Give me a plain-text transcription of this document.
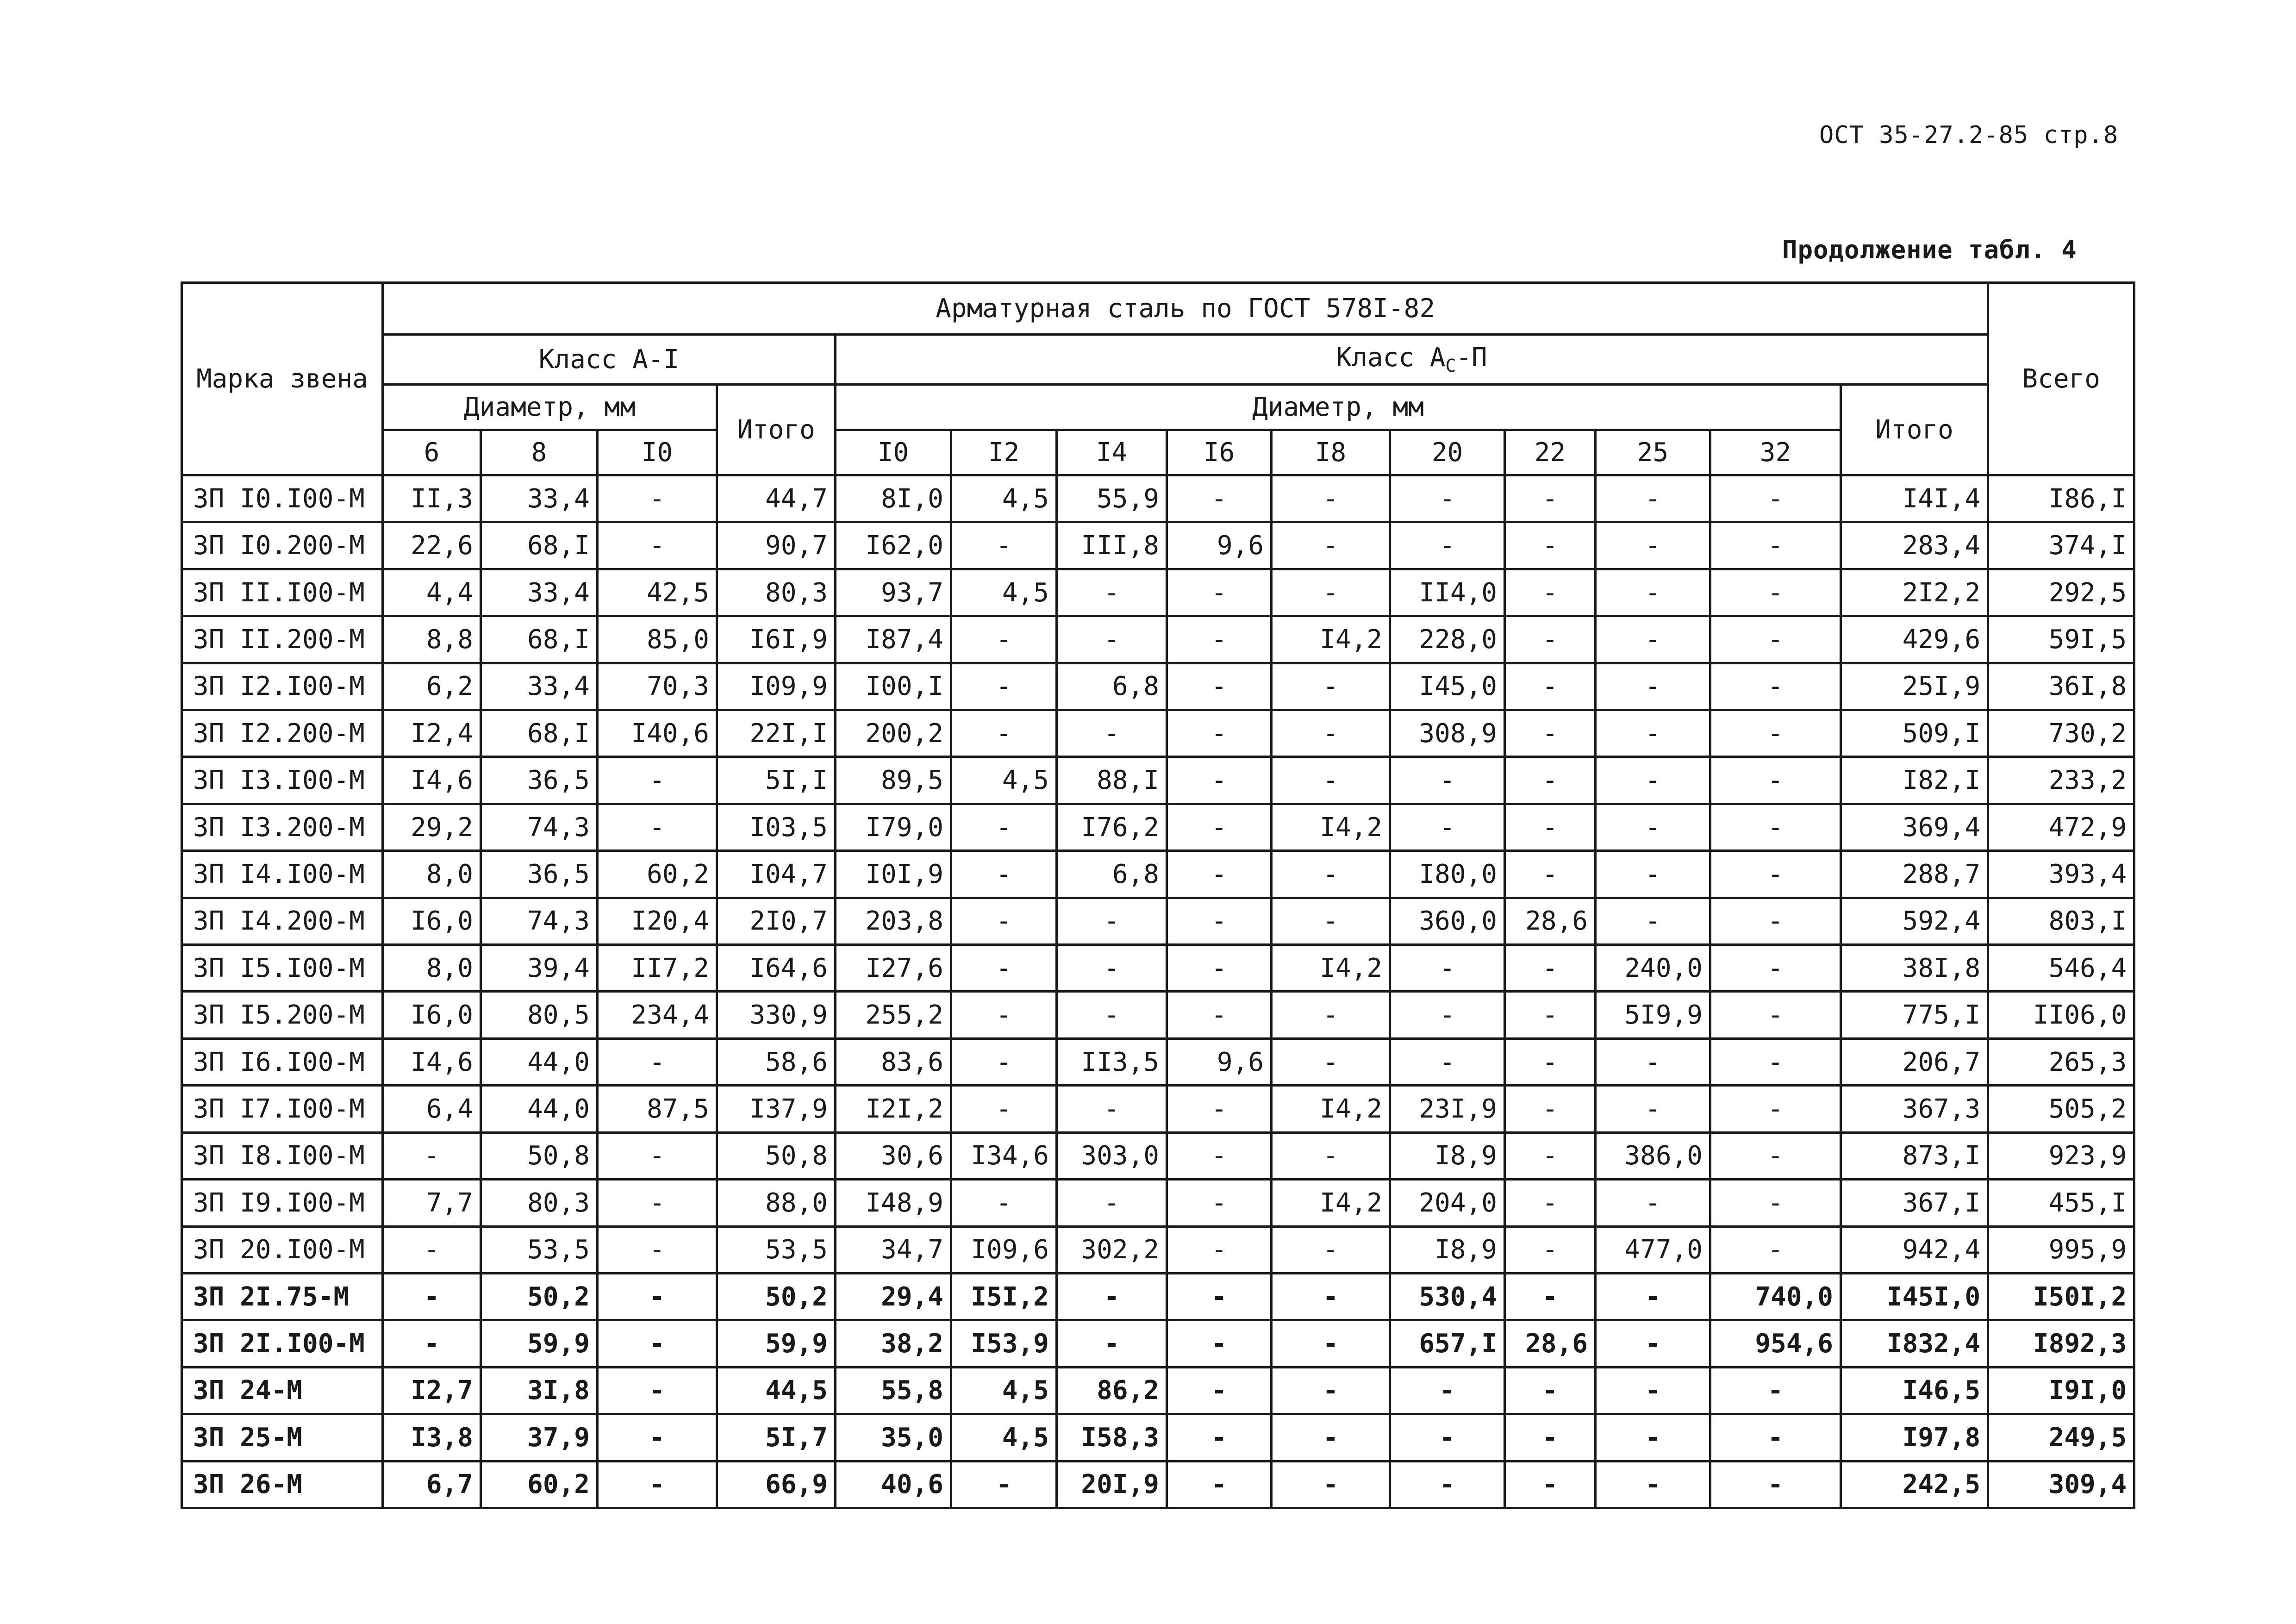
ОСТ 35-27.2-85 стр.8
Продолжение табл. 4
Марка звена	Арматурная сталь по ГОСТ 578I-82														Всего
	Класс А-I				Класс $А_С-П$										
	Диаметр, мм			Итого	Диаметр, мм									Итого	
	6	8	I0		I0	I2	I4	I6	I8	20	22	25	32		
ЗП I0.I00-М	II,3	33,4	-	44,7	8I,0	4,5	55,9	-	-	-	-	-	-	I4I,4	I86,I
ЗП I0.200-М	22,6	68,I	-	90,7	I62,0	-	III,8	9,6	-	-	-	-	-	283,4	374,I
ЗП II.I00-М	4,4	33,4	42,5	80,3	93,7	4,5	-	-	-	II4,0	-	-	-	2I2,2	292,5
ЗП II.200-М	8,8	68,I	85,0	I6I,9	I87,4	-	-	-	I4,2	228,0	-	-	-	429,6	59I,5
ЗП I2.I00-М	6,2	33,4	70,3	I09,9	I00,I	-	6,8	-	-	I45,0	-	-	-	25I,9	36I,8
ЗП I2.200-М	I2,4	68,I	I40,6	22I,I	200,2	-	-	-	-	308,9	-	-	-	509,I	730,2
ЗП I3.I00-М	I4,6	36,5	-	5I,I	89,5	4,5	88,I	-	-	-	-	-	-	I82,I	233,2
ЗП I3.200-М	29,2	74,3	-	I03,5	I79,0	-	I76,2	-	I4,2	-	-	-	-	369,4	472,9
ЗП I4.I00-М	8,0	36,5	60,2	I04,7	I0I,9	-	6,8	-	-	I80,0	-	-	-	288,7	393,4
ЗП I4.200-М	I6,0	74,3	I20,4	2I0,7	203,8	-	-	-	-	360,0	28,6	-	-	592,4	803,I
ЗП I5.I00-М	8,0	39,4	II7,2	I64,6	I27,6	-	-	-	I4,2	-	-	240,0	-	38I,8	546,4
ЗП I5.200-М	I6,0	80,5	234,4	330,9	255,2	-	-	-	-	-	-	5I9,9	-	775,I	II06,0
ЗП I6.I00-М	I4,6	44,0	-	58,6	83,6	-	II3,5	9,6	-	-	-	-	-	206,7	265,3
ЗП I7.I00-М	6,4	44,0	87,5	I37,9	I2I,2	-	-	-	I4,2	23I,9	-	-	-	367,3	505,2
ЗП I8.I00-М	-	50,8	-	50,8	30,6	I34,6	303,0	-	-	I8,9	-	386,0	-	873,I	923,9
ЗП I9.I00-М	7,7	80,3	-	88,0	I48,9	-	-	-	I4,2	204,0	-	-	-	367,I	455,I
ЗП 20.I00-М	-	53,5	-	53,5	34,7	I09,6	302,2	-	-	I8,9	-	477,0	-	942,4	995,9
ЗП 2I.75-М	-	50,2	-	50,2	29,4	I5I,2	-	-	-	530,4	-	-	740,0	I45I,0	I50I,2
ЗП 2I.I00-М	-	59,9	-	59,9	38,2	I53,9	-	-	-	657,I	28,6	-	954,6	I832,4	I892,3
ЗП 24-М	I2,7	3I,8	-	44,5	55,8	4,5	86,2	-	-	-	-	-	-	I46,5	I9I,0
ЗП 25-М	I3,8	37,9	-	5I,7	35,0	4,5	I58,3	-	-	-	-	-	-	I97,8	249,5
ЗП 26-М	6,7	60,2	-	66,9	40,6	-	20I,9	-	-	-	-	-	-	242,5	309,4
